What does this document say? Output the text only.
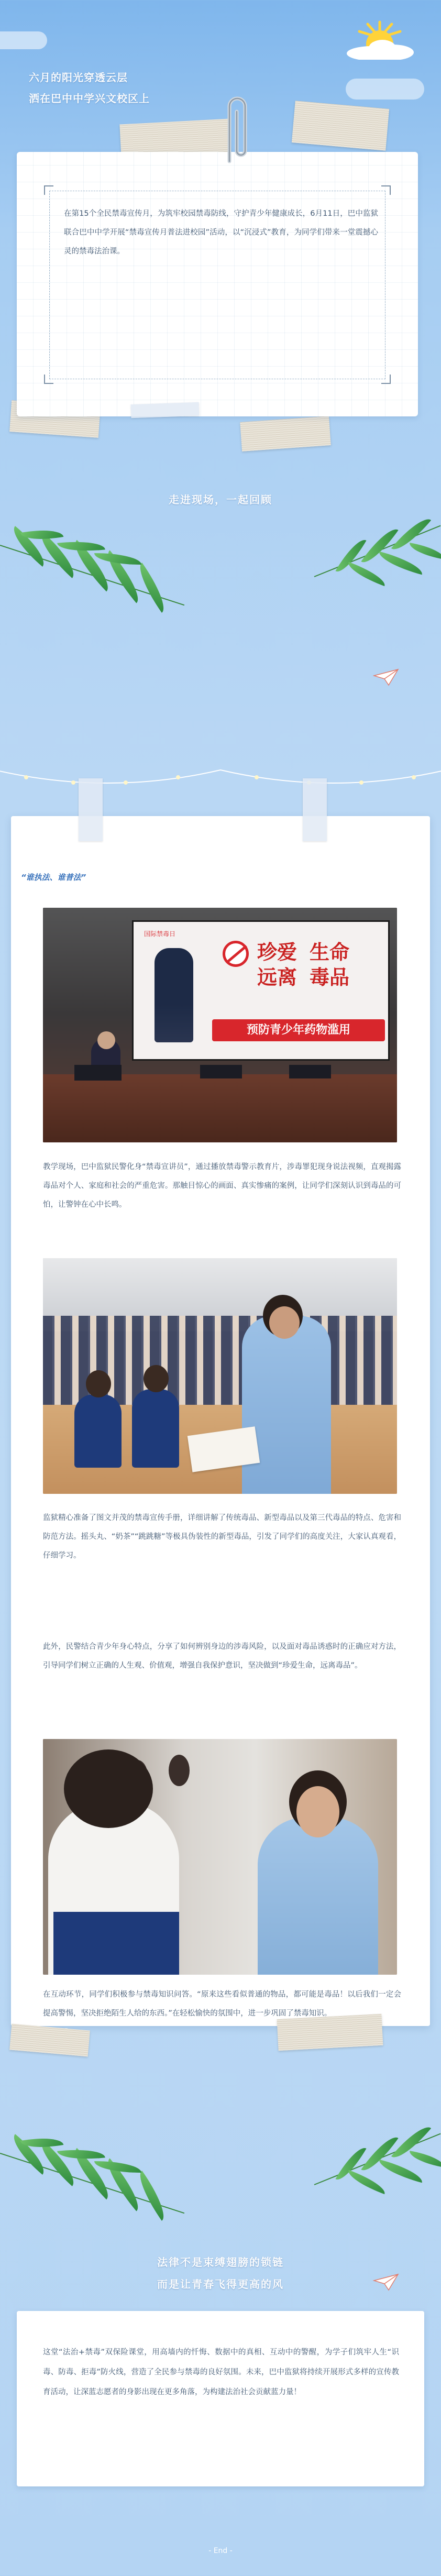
六月的阳光穿透云层
洒在巴中中学兴文校区上

在第15个全民禁毒宣传月，为筑牢校园禁毒防线，守护青少年健康成长，6月11日，巴中监狱联合巴中中学开展“禁毒宣传月普法进校园”活动，以“沉浸式”教育，为同学们带来一堂震撼心灵的禁毒法治课。

走进现场，一起回顾
“谁执法、谁普法”
国际禁毒日
珍爱
远离
生命
毒品
预防青少年药物滥用

教学现场，巴中监狱民警化身“禁毒宣讲员”，通过播放禁毒警示教育片，涉毒罪犯现身说法视频，直观揭露毒品对个人、家庭和社会的严重危害。那触目惊心的画面、真实惨痛的案例，让同学们深刻认识到毒品的可怕，让警钟在心中长鸣。

监狱精心准备了图文并茂的禁毒宣传手册，详细讲解了传统毒品、新型毒品以及第三代毒品的特点、危害和防范方法。摇头丸、“奶茶”“跳跳糖”等极具伪装性的新型毒品，引发了同学们的高度关注，大家认真观看，仔细学习。

此外，民警结合青少年身心特点，分享了如何辨别身边的涉毒风险，以及面对毒品诱惑时的正确应对方法，引导同学们树立正确的人生观、价值观，增强自我保护意识，坚决做到“珍爱生命，远离毒品”。

在互动环节，同学们积极参与禁毒知识问答。“原来这些看似普通的物品，都可能是毒品！以后我们一定会提高警惕，坚决拒绝陌生人给的东西。”在轻松愉快的氛围中，进一步巩固了禁毒知识。

法律不是束缚翅膀的锁链
而是让青春飞得更高的风

这堂“法治+禁毒”双保险课堂，用高墙内的忏悔、数据中的真相、互动中的警醒，为学子们筑牢人生“识毒、防毒、拒毒”防火线，营造了全民参与禁毒的良好氛围。未来，巴中监狱将持续开展形式多样的宣传教育活动，让深蓝志愿者的身影出现在更多角落，为构建法治社会贡献蓝力量！

- End -
